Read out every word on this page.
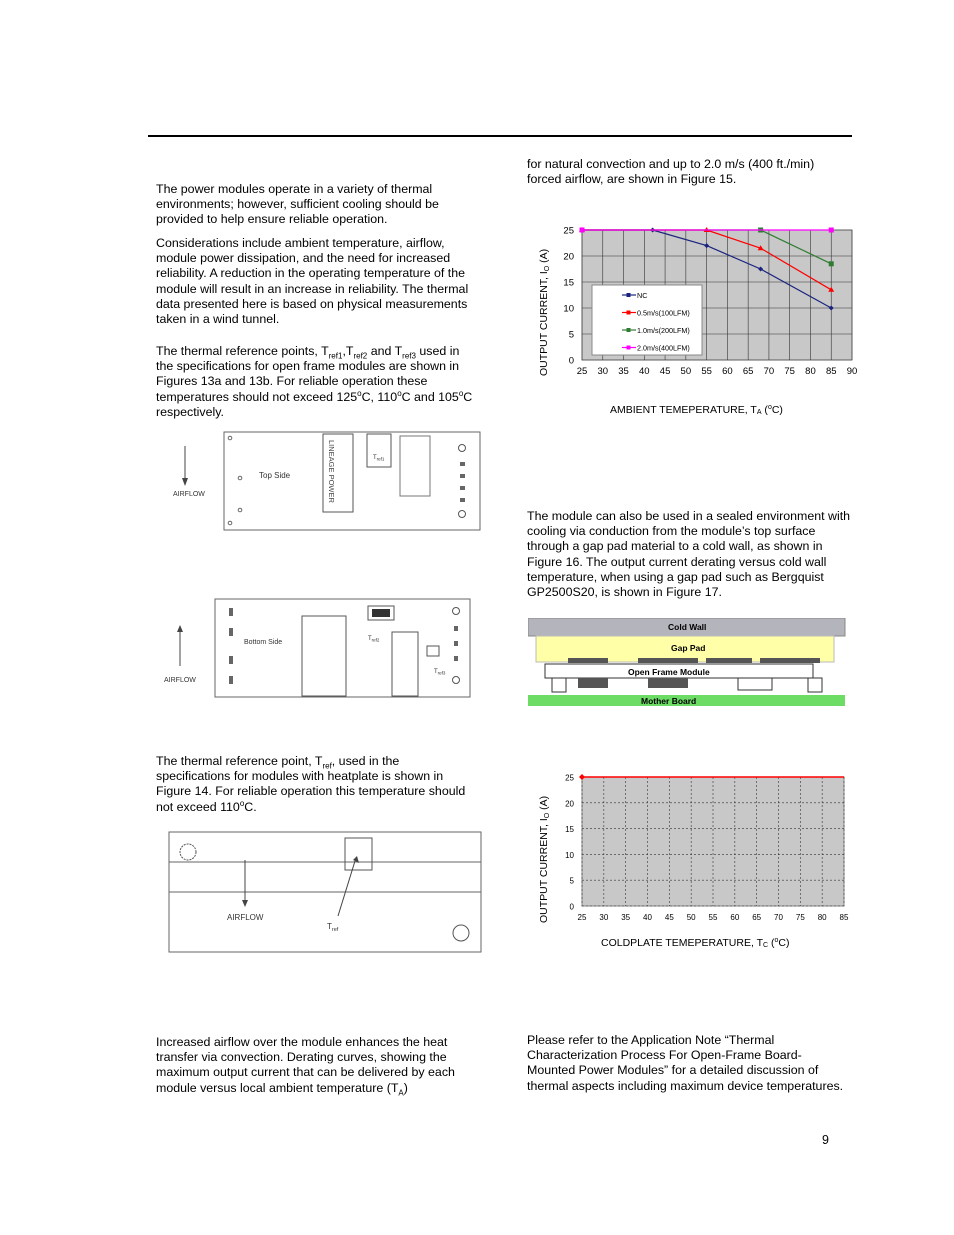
The power modules operate in a variety of thermal environments; however, sufficient cooling should be provided to help ensure reliable operation.

Considerations include ambient temperature, airflow, module power dissipation, and the need for increased reliability. A reduction in the operating temperature of the module will result in an increase in reliability. The thermal data presented here is based on physical measurements taken in a wind tunnel.

The thermal reference points, $T_{ref1},T_{ref2}$ and $T_{ref3}$ used in the specifications for open frame modules are shown in Figures 13a and 13b. For reliable operation these temperatures should not exceed 125$^o$C, 110$^o$C and 105$^o$C respectively.

AIRFLOW
Top Side	LINEAGE POWER	$T_{ref1}$
AIRFLOW
Bottom Side	$T_{ref2}$
$T_{ref3}$

The thermal reference point, $T_{ref}$, used in the specifications for modules with heatplate is shown in Figure 14. For reliable operation this temperature should not exceed 110$^o$C.

AIRFLOW
$T_{ref}$

Increased airflow over the module enhances the heat transfer via convection. Derating curves, showing the maximum output current that can be delivered by each module versus local ambient temperature $(T_A)$

for natural convection and up to 2.0 m/s (400 ft./min) forced airflow, are shown in Figure 15.

0
5
10
15
20
25
25 30 35 40 45 50 55 60 65 70 75 80 85 90
NC
0.5m/s(100LFM)
1.0m/s(200LFM)
2.0m/s(400LFM)
OUTPUT CURRENT, IO (A)
AMBIENT TEMEPERATURE, TA ($^o$C)

The module can also be used in a sealed environment with cooling via conduction from the module’s top surface through a gap pad material to a cold wall, as shown in Figure 16. The output current derating versus cold wall temperature, when using a gap pad such as Bergquist GP2500S20, is shown in Figure 17.

Cold Wall
Gap Pad
Open Frame Module
Mother Board
0
5
10
15
20
25
25 30 35 40 45 50 55 60 65 70 75 80 85
OUTPUT CURRENT, IO (A)
COLDPLATE TEMEPERATURE, TC ($^o$C)

Please refer to the Application Note “Thermal Characterization Process For Open-Frame Board-Mounted Power Modules” for a detailed discussion of thermal aspects including maximum device temperatures.

9
